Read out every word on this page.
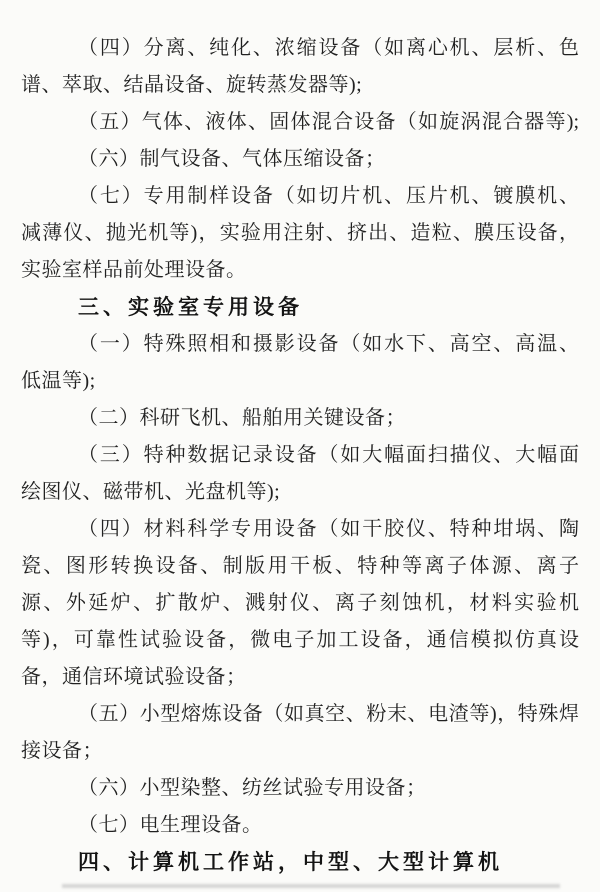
（四）分离、纯化、浓缩设备（如离心机、层析、色

谱、萃取、结晶设备、旋转蒸发器等);

（五）气体、液体、固体混合设备（如旋涡混合器等);

（六）制气设备、气体压缩设备；

（七）专用制样设备（如切片机、压片机、镀膜机、

减薄仪、抛光机等)，实验用注射、挤出、造粒、膜压设备，

实验室样品前处理设备。

三、实验室专用设备

（一）特殊照相和摄影设备（如水下、高空、高温、

低温等);

（二）科研飞机、船舶用关键设备；

（三）特种数据记录设备（如大幅面扫描仪、大幅面

绘图仪、磁带机、光盘机等);

（四）材料科学专用设备（如干胶仪、特种坩埚、陶

瓷、图形转换设备、制版用干板、特种等离子体源、离子

源、外延炉、扩散炉、溅射仪、离子刻蚀机，材料实验机

等)，可靠性试验设备，微电子加工设备，通信模拟仿真设

备，通信环境试验设备；

（五）小型熔炼设备（如真空、粉末、电渣等)，特殊焊

接设备；

（六）小型染整、纺丝试验专用设备；

（七）电生理设备。

四、计算机工作站，中型、大型计算机
